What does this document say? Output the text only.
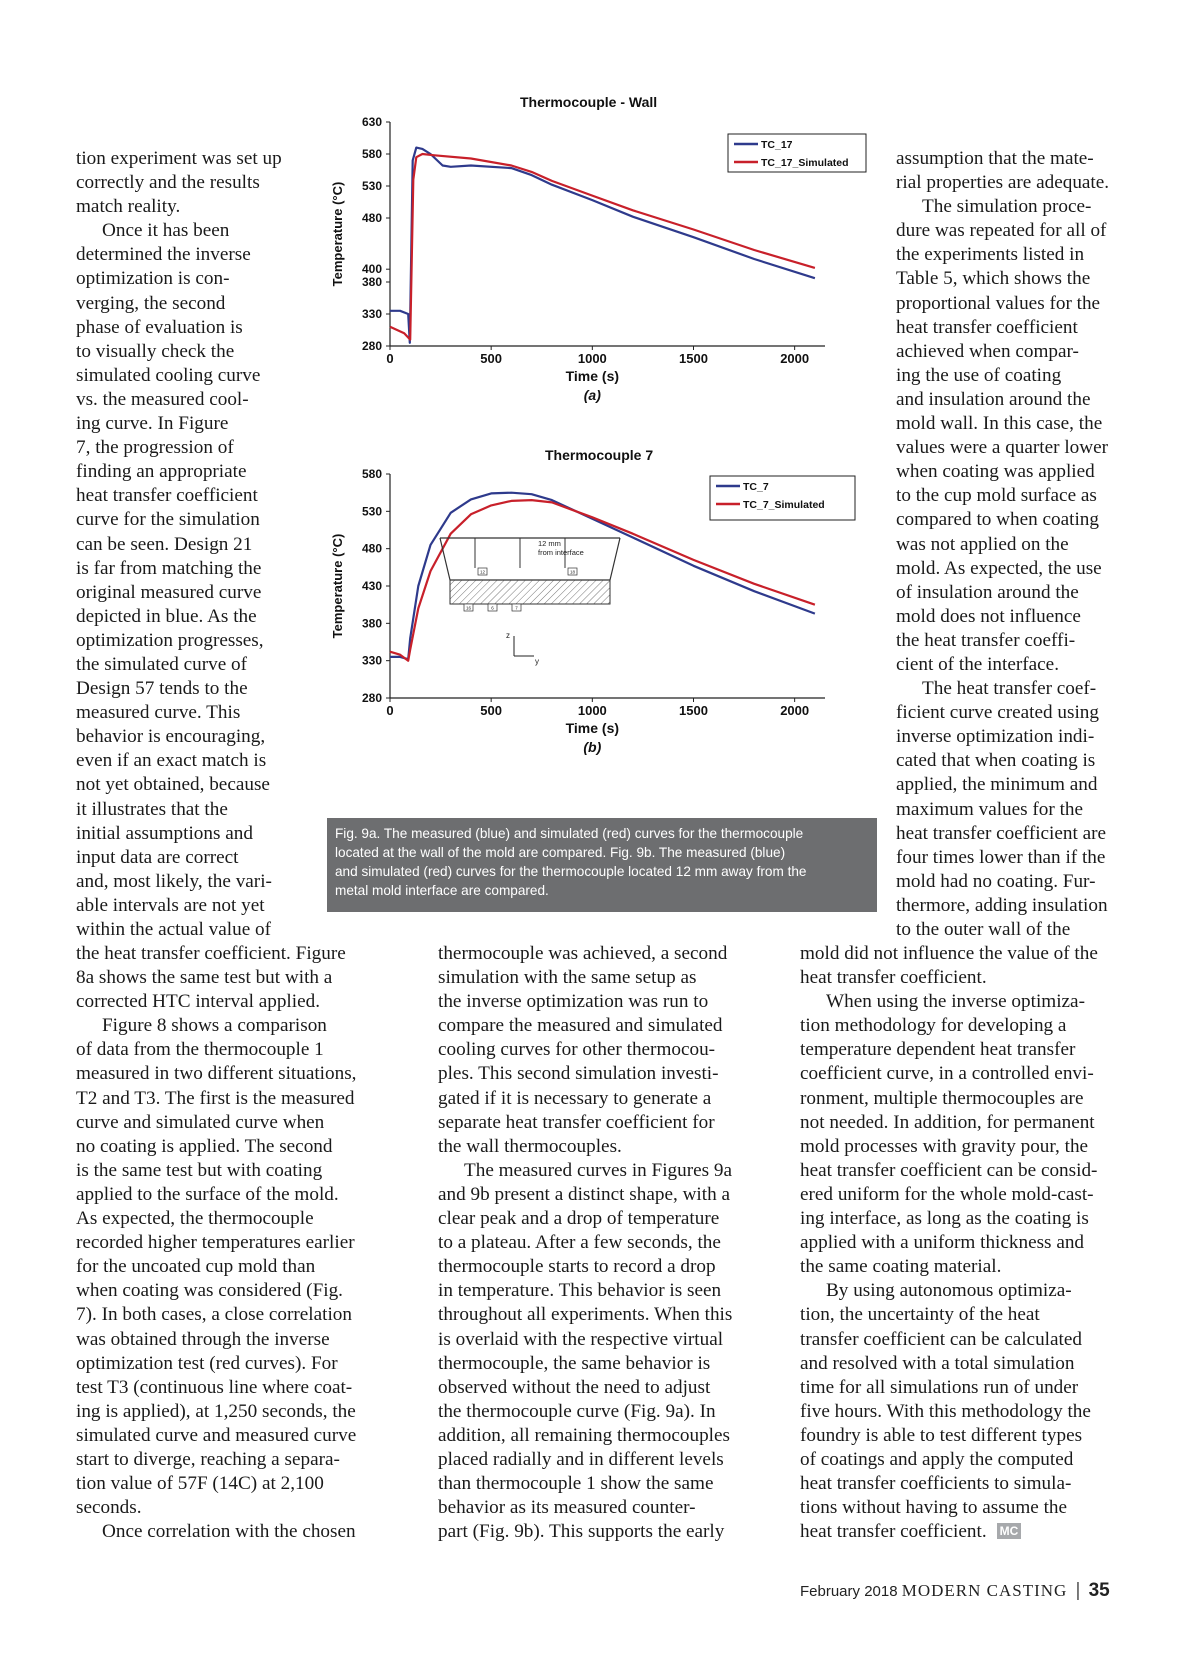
tion experiment was set up
correctly and the results
match reality.
Once it has been
determined the inverse
optimization is con-
verging, the second
phase of evaluation is
to visually check the
simulated cooling curve
vs. the measured cool-
ing curve. In Figure
7, the progression of
finding an appropriate
heat transfer coefficient
curve for the simulation
can be seen. Design 21
is far from matching the
original measured curve
depicted in blue. As the
optimization progresses,
the simulated curve of
Design 57 tends to the
measured curve. This
behavior is encouraging,
even if an exact match is
not yet obtained, because
it illustrates that the
initial assumptions and
input data are correct
and, most likely, the vari-
able intervals are not yet
within the actual value of
the heat transfer coefficient. Figure
8a shows the same test but with a
corrected HTC interval applied.
Figure 8 shows a comparison
of data from the thermocouple 1
measured in two different situations,
T2 and T3. The first is the measured
curve and simulated curve when
no coating is applied. The second
is the same test but with coating
applied to the surface of the mold.
As expected, the thermocouple
recorded higher temperatures earlier
for the uncoated cup mold than
when coating was considered (Fig.
7). In both cases, a close correlation
was obtained through the inverse
optimization test (red curves). For
test T3 (continuous line where coat-
ing is applied), at 1,250 seconds, the
simulated curve and measured curve
start to diverge, reaching a separa-
tion value of 57F (14C) at 2,100
seconds.
Once correlation with the chosen
thermocouple was achieved, a second
simulation with the same setup as
the inverse optimization was run to
compare the measured and simulated
cooling curves for other thermocou-
ples. This second simulation investi-
gated if it is necessary to generate a
separate heat transfer coefficient for
the wall thermocouples.
The measured curves in Figures 9a
and 9b present a distinct shape, with a
clear peak and a drop of temperature
to a plateau. After a few seconds, the
thermocouple starts to record a drop
in temperature. This behavior is seen
throughout all experiments. When this
is overlaid with the respective virtual
thermocouple, the same behavior is
observed without the need to adjust
the thermocouple curve (Fig. 9a). In
addition, all remaining thermocouples
placed radially and in different levels
than thermocouple 1 show the same
behavior as its measured counter-
part (Fig. 9b). This supports the early
assumption that the mate-
rial properties are adequate.
The simulation proce-
dure was repeated for all of
the experiments listed in
Table 5, which shows the
proportional values for the
heat transfer coefficient
achieved when compar-
ing the use of coating
and insulation around the
mold wall. In this case, the
values were a quarter lower
when coating was applied
to the cup mold surface as
compared to when coating
was not applied on the
mold. As expected, the use
of insulation around the
mold does not influence
the heat transfer coeffi-
cient of the interface.
The heat transfer coef-
ficient curve created using
inverse optimization indi-
cated that when coating is
applied, the minimum and
maximum values for the
heat transfer coefficient are
four times lower than if the
mold had no coating. Fur-
thermore, adding insulation
to the outer wall of the
mold did not influence the value of the
heat transfer coefficient.
When using the inverse optimiza-
tion methodology for developing a
temperature dependent heat transfer
coefficient curve, in a controlled envi-
ronment, multiple thermocouples are
not needed. In addition, for permanent
mold processes with gravity pour, the
heat transfer coefficient can be consid-
ered uniform for the whole mold-cast-
ing interface, as long as the coating is
applied with a uniform thickness and
the same coating material.
By using autonomous optimiza-
tion, the uncertainty of the heat
transfer coefficient can be calculated
and resolved with a total simulation
time for all simulations run of under
five hours. With this methodology the
foundry is able to test different types
of coatings and apply the computed
heat transfer coefficients to simula-
tions without having to assume the
heat transfer coefficient. MC
Thermocouple - Wall
280
330
380
400
480
530
580
630
0	500	1000	1500	2000
Temperature (°C)
Time (s)
(a)
TC_17
TC_17_Simulated
Thermocouple 7
280
330
380
430
480
530
580
0	500	1000	1500	2000
Temperature (°C)
Time (s)
(b)
TC_7
TC_7_Simulated
12 mm
from interface
12	18
16	6	7
z
y
Fig. 9a. The measured (blue) and simulated (red) curves for the thermocouple
located at the wall of the mold are compared. Fig. 9b. The measured (blue)
and simulated (red) curves for the thermocouple located 12 mm away from the
metal mold interface are compared.
February 2018 MODERN CASTING | 35
